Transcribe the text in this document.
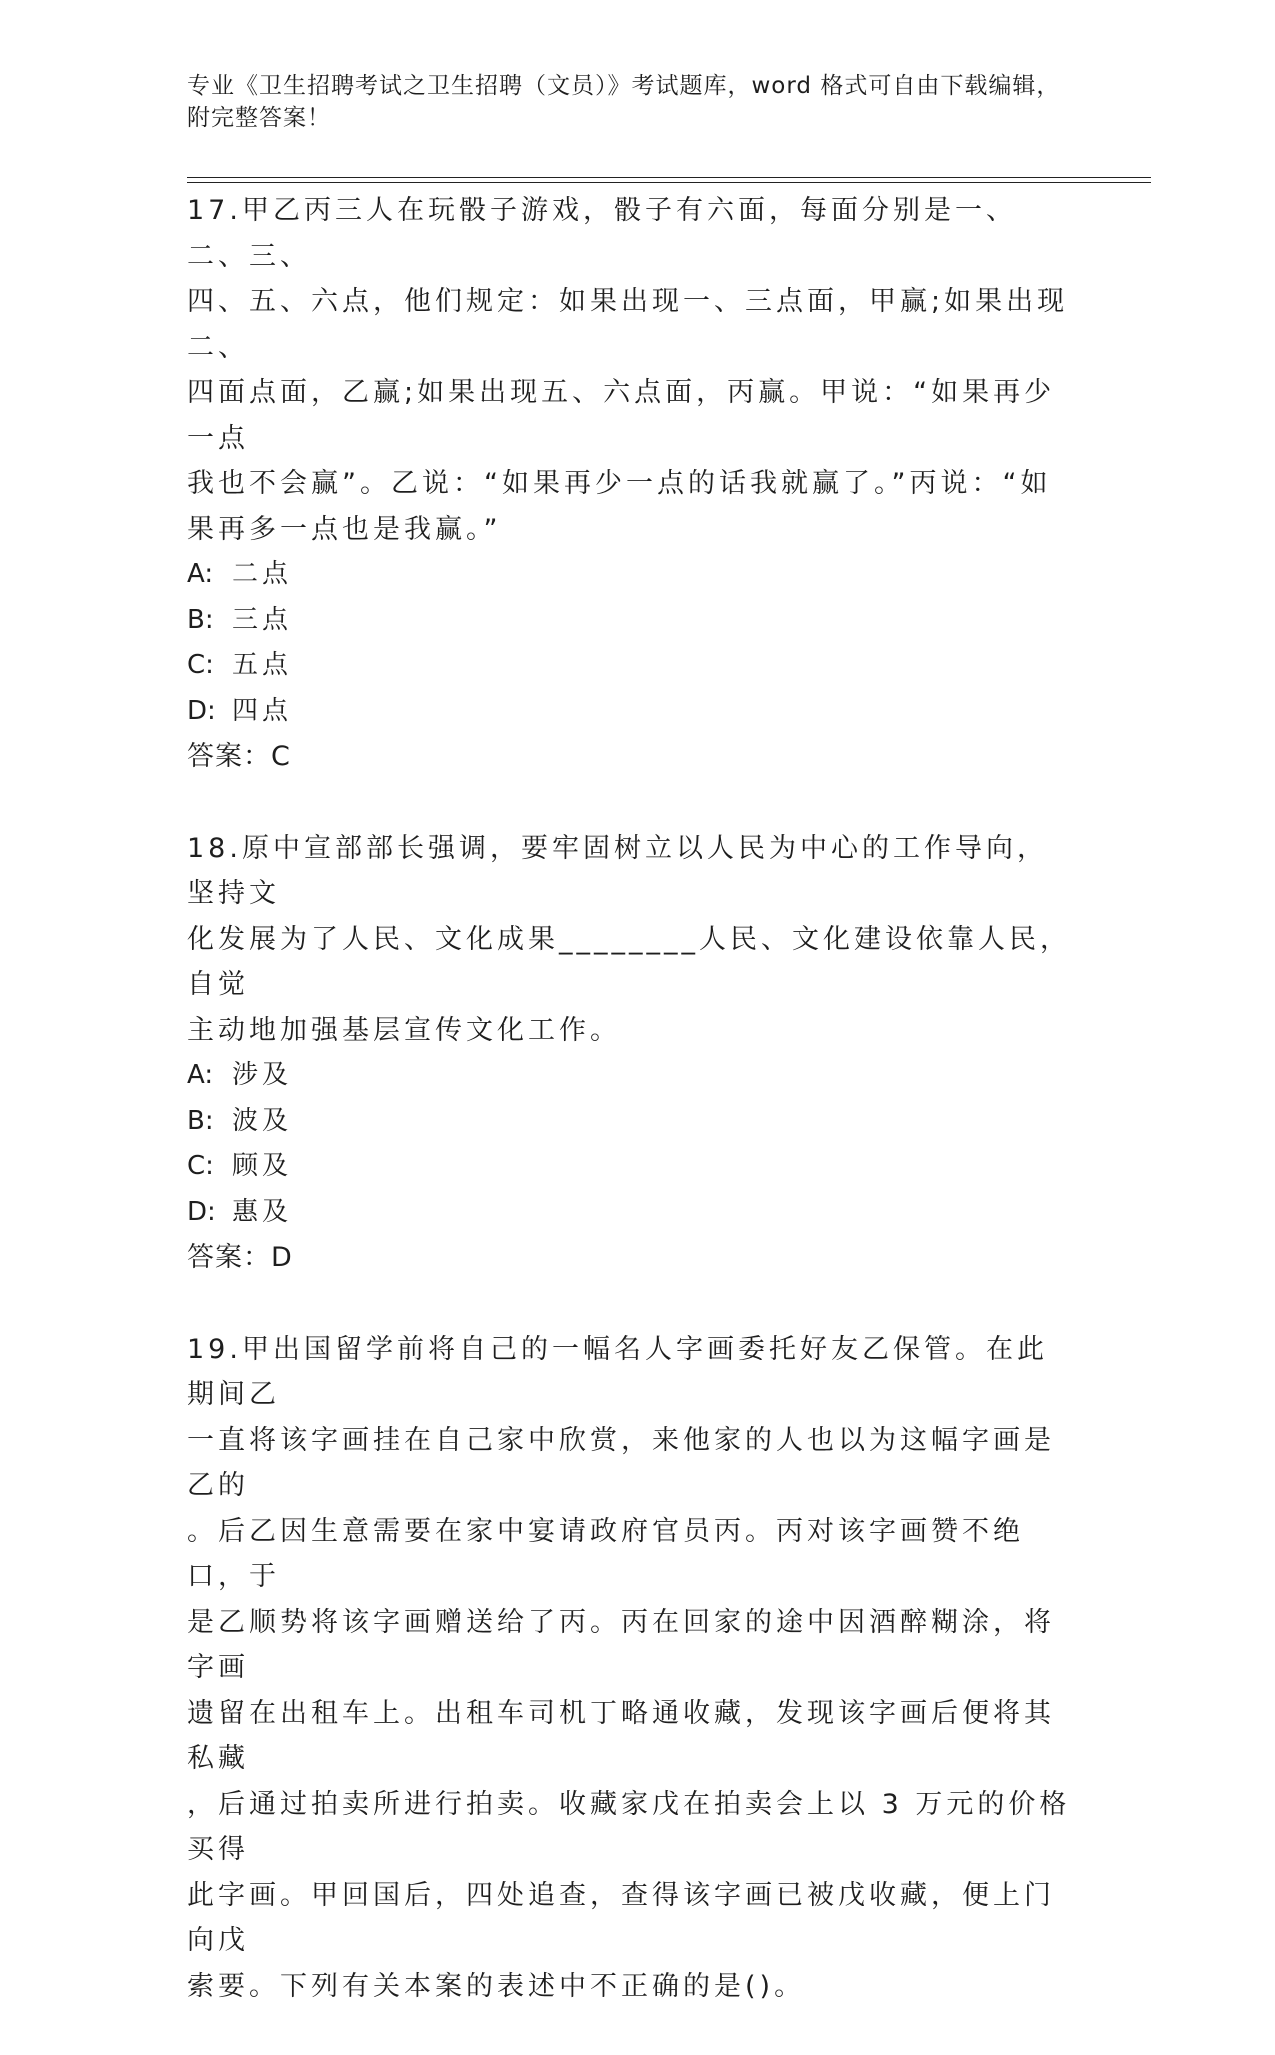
专业《卫生招聘考试之卫生招聘（文员）》考试题库，word 格式可自由下载编辑，附完整答案！

17.甲乙丙三人在玩骰子游戏，骰子有六面，每面分别是一、二、三、

四、五、六点，他们规定：如果出现一、三点面，甲赢;如果出现二、

四面点面，乙赢;如果出现五、六点面，丙赢。甲说：“如果再少一点

我也不会赢”。乙说：“如果再少一点的话我就赢了。”丙说：“如

果再多一点也是我赢。”

A: 二点

B: 三点

C: 五点

D: 四点

答案：C

18.原中宣部部长强调，要牢固树立以人民为中心的工作导向，坚持文

化发展为了人民、文化成果________人民、文化建设依靠人民，自觉

主动地加强基层宣传文化工作。

A: 涉及

B: 波及

C: 顾及

D: 惠及

答案：D

19.甲出国留学前将自己的一幅名人字画委托好友乙保管。在此期间乙

一直将该字画挂在自己家中欣赏，来他家的人也以为这幅字画是乙的

。后乙因生意需要在家中宴请政府官员丙。丙对该字画赞不绝口，于

是乙顺势将该字画赠送给了丙。丙在回家的途中因酒醉糊涂，将字画

遗留在出租车上。出租车司机丁略通收藏，发现该字画后便将其私藏

，后通过拍卖所进行拍卖。收藏家戊在拍卖会上以 3 万元的价格买得

此字画。甲回国后，四处追查，查得该字画已被戊收藏，便上门向戊

索要。下列有关本案的表述中不正确的是()。
